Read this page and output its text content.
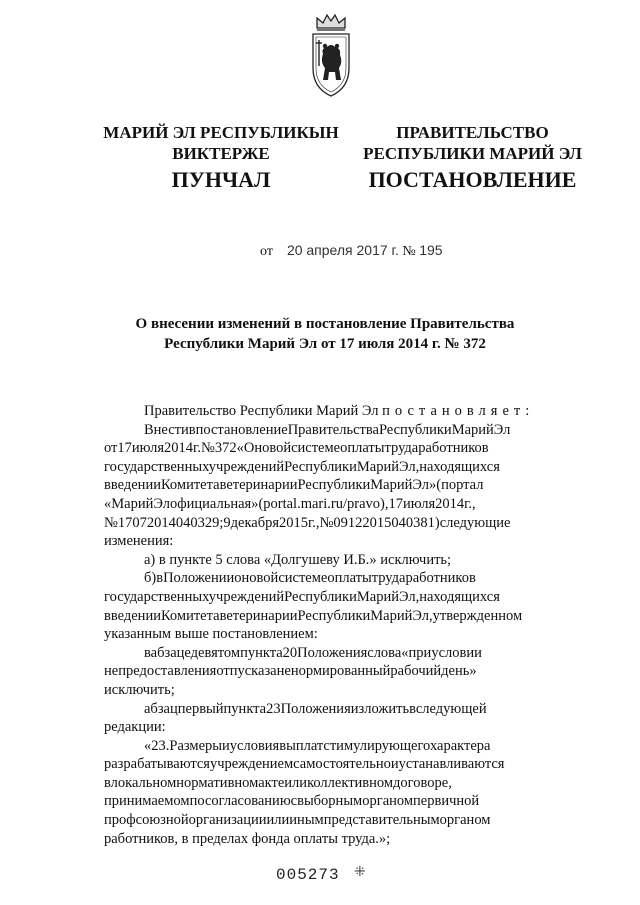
МАРИЙ ЭЛ РЕСПУБЛИКЫН
ВИКТЕРЖЕ
ПУНЧАЛ
ПРАВИТЕЛЬСТВО
РЕСПУБЛИКИ МАРИЙ ЭЛ
ПОСТАНОВЛЕНИЕ
от 20 апреля 2017 г. № 195
О внесении изменений в постановление Правительства
Республики Марий Эл от 17 июля 2014 г. № 372

Правительство Республики Марий Эл постановляет:

ВнестивпостановлениеПравительстваРеспубликиМарийЭл
от17июля2014г.№372«Оновойсистемеоплатытрудаработников
государственныхучрежденийРеспубликиМарийЭл,находящихся
введенииКомитетаветеринарииРеспубликиМарийЭл»(портал
«МарийЭлофициальная»(portal.mari.ru/pravo),17июля2014г.,
№17072014040329;9декабря2015г.,№09122015040381)следующие
изменения:
а) в пункте 5 слова «Долгушеву И.Б.» исключить;
б)вПоложениионовойсистемеоплатытрудаработников
государственныхучрежденийРеспубликиМарийЭл,находящихся
введенииКомитетаветеринарииРеспубликиМарийЭл,утвержденном
указанным выше постановлением:
вабзацедевятомпункта20Положенияслова«приусловии
непредоставленияотпусказаненормированныйрабочийдень»
исключить;
абзацпервыйпункта23Положенияизложитьвследующей
редакции:
«23.Размерыиусловиявыплатстимулирующегохарактера
разрабатываютсяучреждениемсамостоятельноиустанавливаются
влокальномнормативномактеиликоллективномдоговоре,
принимаемомпосогласованиюсвыборныморганомпервичной
профсоюзнойорганизацииилиинымпредставительныморганом
работников, в пределах фонда оплаты труда.»;
005273 ⁜
